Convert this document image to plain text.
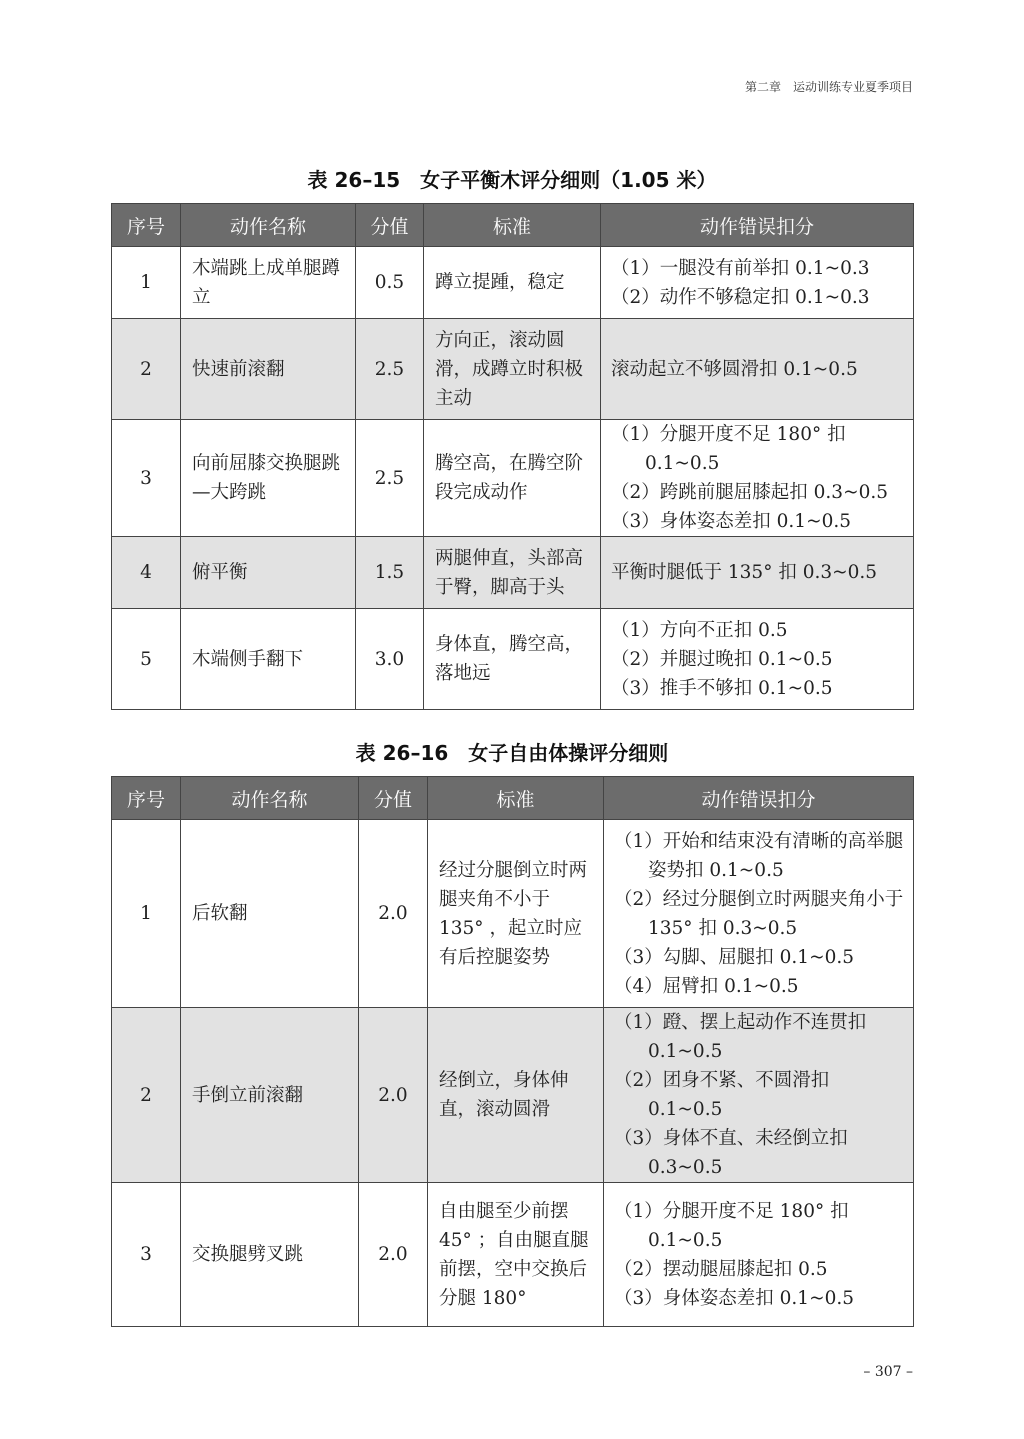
第二章　运动训练专业夏季项目
表 26–15　女子平衡木评分细则（1.05 米）
序号	动作名称	分值	标准	动作错误扣分
1	木端跳上成单腿蹲立	0.5	蹲立提踵，稳定	（1）一腿没有前举扣 0.1~0.3
（2）动作不够稳定扣 0.1~0.3

2	快速前滚翻	2.5	方向正，滚动圆滑，成蹲立时积极主动	滚动起立不够圆滑扣 0.1~0.5

3	向前屈膝交换腿跳—大跨跳	2.5	腾空高，在腾空阶段完成动作	（1）分腿开度不足 180° 扣 0.1~0.5
（2）跨跳前腿屈膝起扣 0.3~0.5
（3）身体姿态差扣 0.1~0.5

4	俯平衡	1.5	两腿伸直，头部高于臀，脚高于头	平衡时腿低于 135° 扣 0.3~0.5

5	木端侧手翻下	3.0	身体直，腾空高，落地远	（1）方向不正扣 0.5
（2）并腿过晚扣 0.1~0.5
（3）推手不够扣 0.1~0.5
表 26–16　女子自由体操评分细则
序号	动作名称	分值	标准	动作错误扣分
1	后软翻	2.0	经过分腿倒立时两腿夹角不小于 135° ，起立时应有后控腿姿势	（1）开始和结束没有清晰的高举腿姿势扣 0.1~0.5
（2）经过分腿倒立时两腿夹角小于 135° 扣 0.3~0.5
（3）勾脚、屈腿扣 0.1~0.5
（4）屈臂扣 0.1~0.5

2	手倒立前滚翻	2.0	经倒立，身体伸直，滚动圆滑	（1）蹬、摆上起动作不连贯扣 0.1~0.5
（2）团身不紧、不圆滑扣 0.1~0.5
（3）身体不直、未经倒立扣 0.3~0.5

3	交换腿劈叉跳	2.0	自由腿至少前摆 45° ；自由腿直腿前摆，空中交换后分腿 180°	（1）分腿开度不足 180° 扣 0.1~0.5
（2）摆动腿屈膝起扣 0.5
（3）身体姿态差扣 0.1~0.5
– 307 –
